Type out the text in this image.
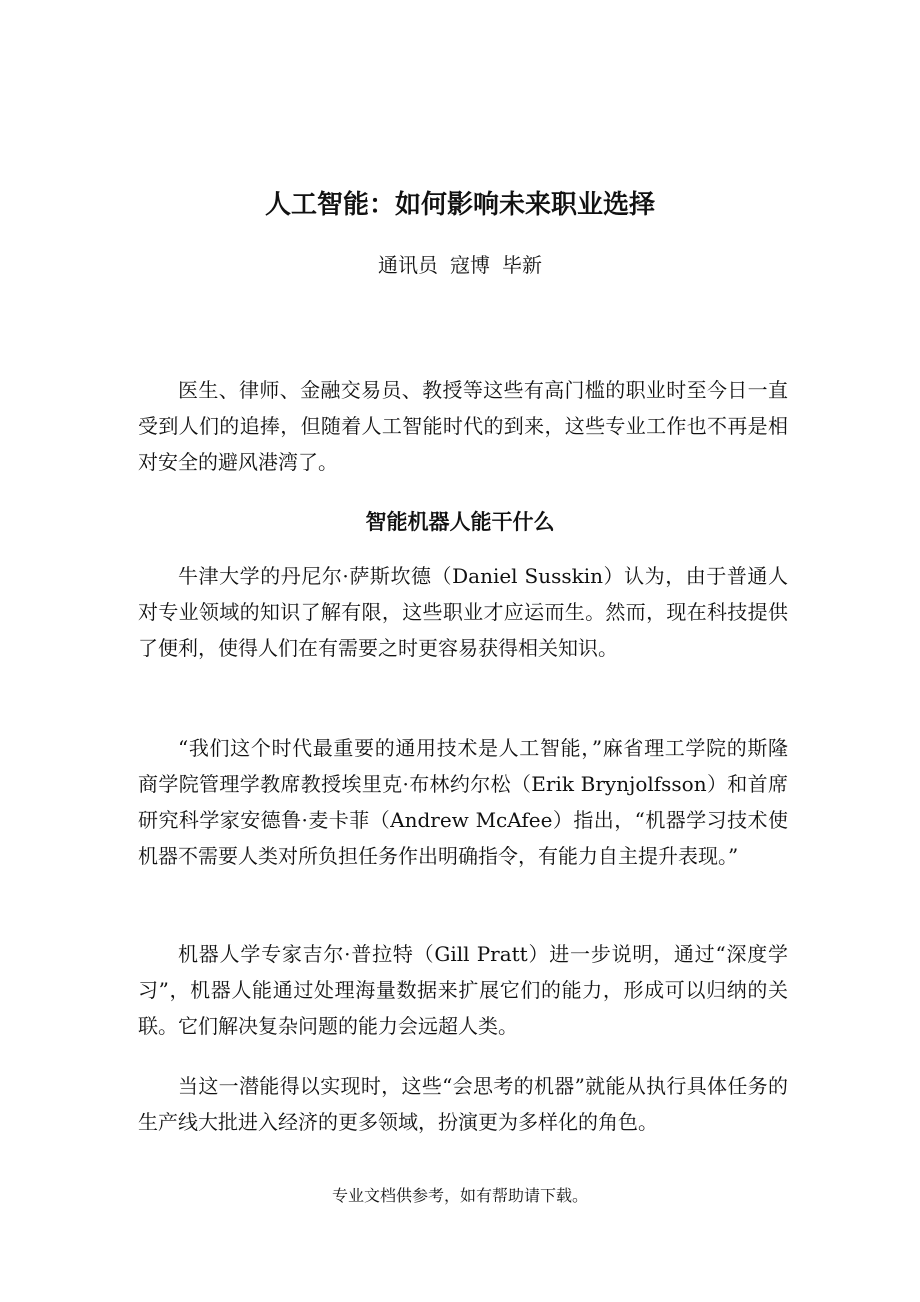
人工智能：如何影响未来职业选择
通讯员 寇博 毕新

医生、律师、金融交易员、教授等这些有高门槛的职业时至今日一直受到人们的追捧，但随着人工智能时代的到来，这些专业工作也不再是相对安全的避风港湾了。

智能机器人能干什么

牛津大学的丹尼尔·萨斯坎德（Daniel Susskin）认为，由于普通人对专业领域的知识了解有限，这些职业才应运而生。然而，现在科技提供了便利，使得人们在有需要之时更容易获得相关知识。

“我们这个时代最重要的通用技术是人工智能，”麻省理工学院的斯隆商学院管理学教席教授埃里克·布林约尔松（Erik Brynjolfsson）和首席研究科学家安德鲁·麦卡菲（Andrew McAfee）指出，“机器学习技术使机器不需要人类对所负担任务作出明确指令，有能力自主提升表现。”

机器人学专家吉尔·普拉特（Gill Pratt）进一步说明，通过“深度学习”，机器人能通过处理海量数据来扩展它们的能力，形成可以归纳的关联。它们解决复杂问题的能力会远超人类。

当这一潜能得以实现时，这些“会思考的机器”就能从执行具体任务的生产线大批进入经济的更多领域，扮演更为多样化的角色。

专业文档供参考，如有帮助请下载。
